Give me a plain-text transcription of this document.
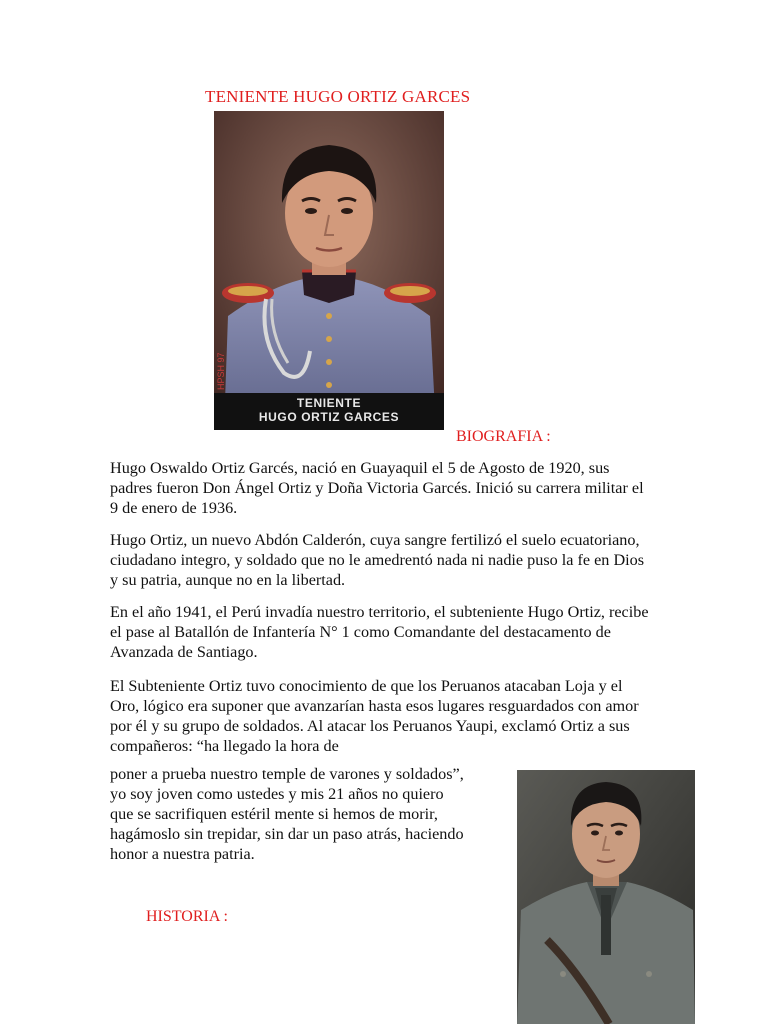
TENIENTE HUGO ORTIZ GARCES
HPSH 97
TENIENTE
HUGO ORTIZ GARCES
BIOGRAFIA :

Hugo Oswaldo Ortiz Garcés, nació en Guayaquil el 5 de Agosto de 1920, sus padres fueron Don Ángel Ortiz y Doña Victoria Garcés. Inició su carrera militar el 9 de enero de 1936.

Hugo Ortiz, un nuevo Abdón Calderón, cuya sangre fertilizó el suelo ecuatoriano, ciudadano integro, y soldado que no le amedrentó nada ni nadie puso la fe en Dios y su patria, aunque no en la libertad.

En el año 1941, el Perú invadía nuestro territorio, el subteniente Hugo Ortiz, recibe el pase al Batallón de Infantería N° 1 como Comandante del destacamento de Avanzada de Santiago.

El Subteniente Ortiz tuvo conocimiento de que los Peruanos atacaban Loja y el Oro, lógico era suponer que avanzarían hasta esos lugares resguardados con amor por él y su grupo de soldados. Al atacar los Peruanos Yaupi, exclamó Ortiz a sus compañeros: “ha llegado la hora de

poner a prueba nuestro temple de varones y soldados”,
yo soy joven como ustedes y mis 21 años no quiero
que se sacrifiquen estéril mente si hemos de morir,
hagámoslo sin trepidar, sin dar un paso atrás, haciendo
honor a nuestra patria.
HISTORIA :
